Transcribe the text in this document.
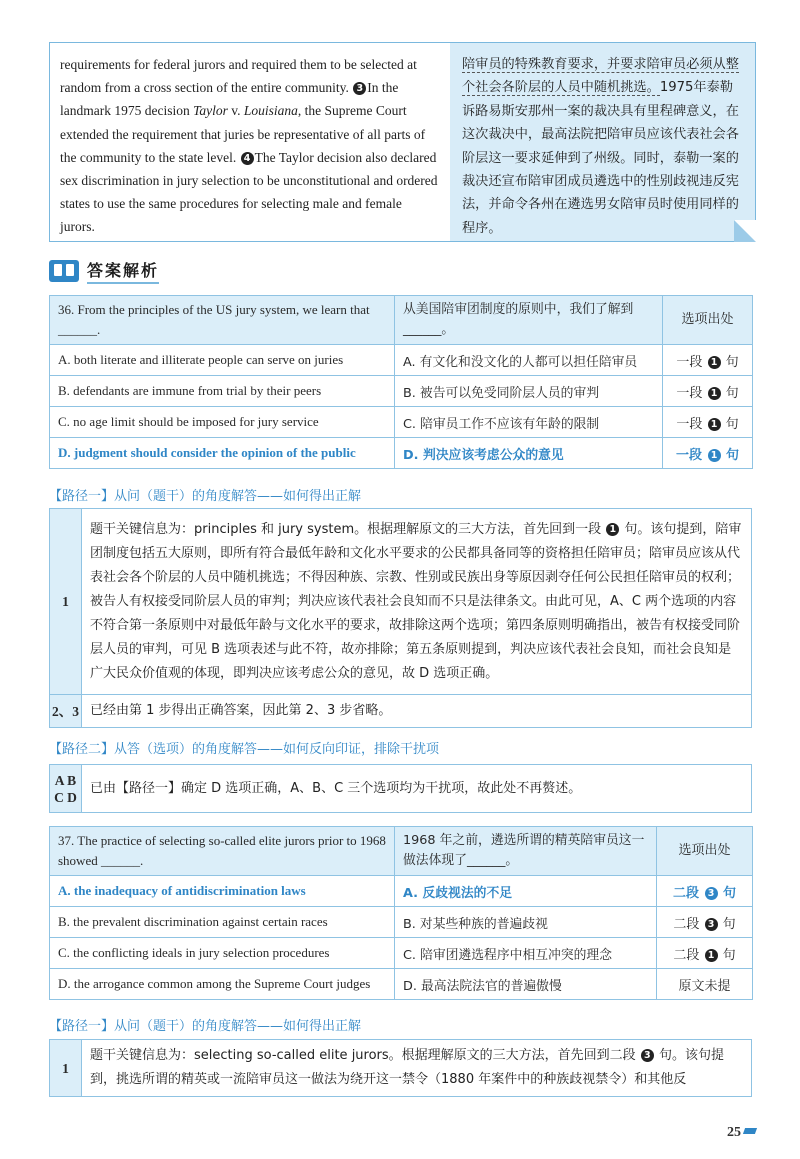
requirements for federal jurors and required them to be selected at random from a cross section of the entire community. 3 In the landmark 1975 decision Taylor v. Louisiana, the Supreme Court extended the requirement that juries be representative of all parts of the community to the state level. 4 The Taylor decision also declared sex discrimination in jury selection to be unconstitutional and ordered states to use the same procedures for selecting male and female jurors.
陪审员的特殊教育要求，并要求陪审员必须从整个社会各阶层的人员中随机挑选。1975年泰勒诉路易斯安那州一案的裁决具有里程碑意义，在这次裁决中，最高法院把陪审员应该代表社会各阶层这一要求延伸到了州级。同时，泰勒一案的裁决还宣布陪审团成员遴选中的性别歧视违反宪法，并命令各州在遴选男女陪审员时使用同样的程序。
答案解析
36. From the principles of the US jury system, we learn that ______.	从美国陪审团制度的原则中，我们了解到______。	选项出处
A. both literate and illiterate people can serve on juries	A. 有文化和没文化的人都可以担任陪审员	一段 1 句
B. defendants are immune from trial by their peers	B. 被告可以免受同阶层人员的审判	一段 1 句
C. no age limit should be imposed for jury service	C. 陪审员工作不应该有年龄的限制	一段 1 句
D. judgment should consider the opinion of the public	D. 判决应该考虑公众的意见	一段 1 句
【路径一】从问（题干）的角度解答——如何得出正解
1	题干关键信息为：principles 和 jury system。根据理解原文的三大方法，首先回到一段 1 句。该句提到，陪审团制度包括五大原则，即所有符合最低年龄和文化水平要求的公民都具备同等的资格担任陪审员；陪审员应该从代表社会各个阶层的人员中随机挑选；不得因种族、宗教、性别或民族出身等原因剥夺任何公民担任陪审员的权利；被告人有权接受同阶层人员的审判；判决应该代表社会良知而不只是法律条文。由此可见，A、C 两个选项的内容不符合第一条原则中对最低年龄与文化水平的要求，故排除这两个选项；第四条原则明确指出，被告有权接受同阶层人员的审判，可见 B 选项表述与此不符，故亦排除；第五条原则提到，判决应该代表社会良知，而社会良知是广大民众价值观的体现，即判决应该考虑公众的意见，故 D 选项正确。
2、3	已经由第 1 步得出正确答案，因此第 2、3 步省略。
【路径二】从答（选项）的角度解答——如何反向印证，排除干扰项
A B
C D	已由【路径一】确定 D 选项正确，A、B、C 三个选项均为干扰项，故此处不再赘述。
37. The practice of selecting so-called elite jurors prior to 1968 showed ______.	1968 年之前，遴选所谓的精英陪审员这一做法体现了______。	选项出处
A. the inadequacy of antidiscrimination laws	A. 反歧视法的不足	二段 3 句
B. the prevalent discrimination against certain races	B. 对某些种族的普遍歧视	二段 3 句
C. the conflicting ideals in jury selection procedures	C. 陪审团遴选程序中相互冲突的理念	二段 1 句
D. the arrogance common among the Supreme Court judges	D. 最高法院法官的普遍傲慢	原文未提
【路径一】从问（题干）的角度解答——如何得出正解
1	题干关键信息为：selecting so-called elite jurors。根据理解原文的三大方法，首先回到二段 3 句。该句提到，挑选所谓的精英或一流陪审员这一做法为绕开这一禁令（1880 年案件中的种族歧视禁令）和其他反
25
